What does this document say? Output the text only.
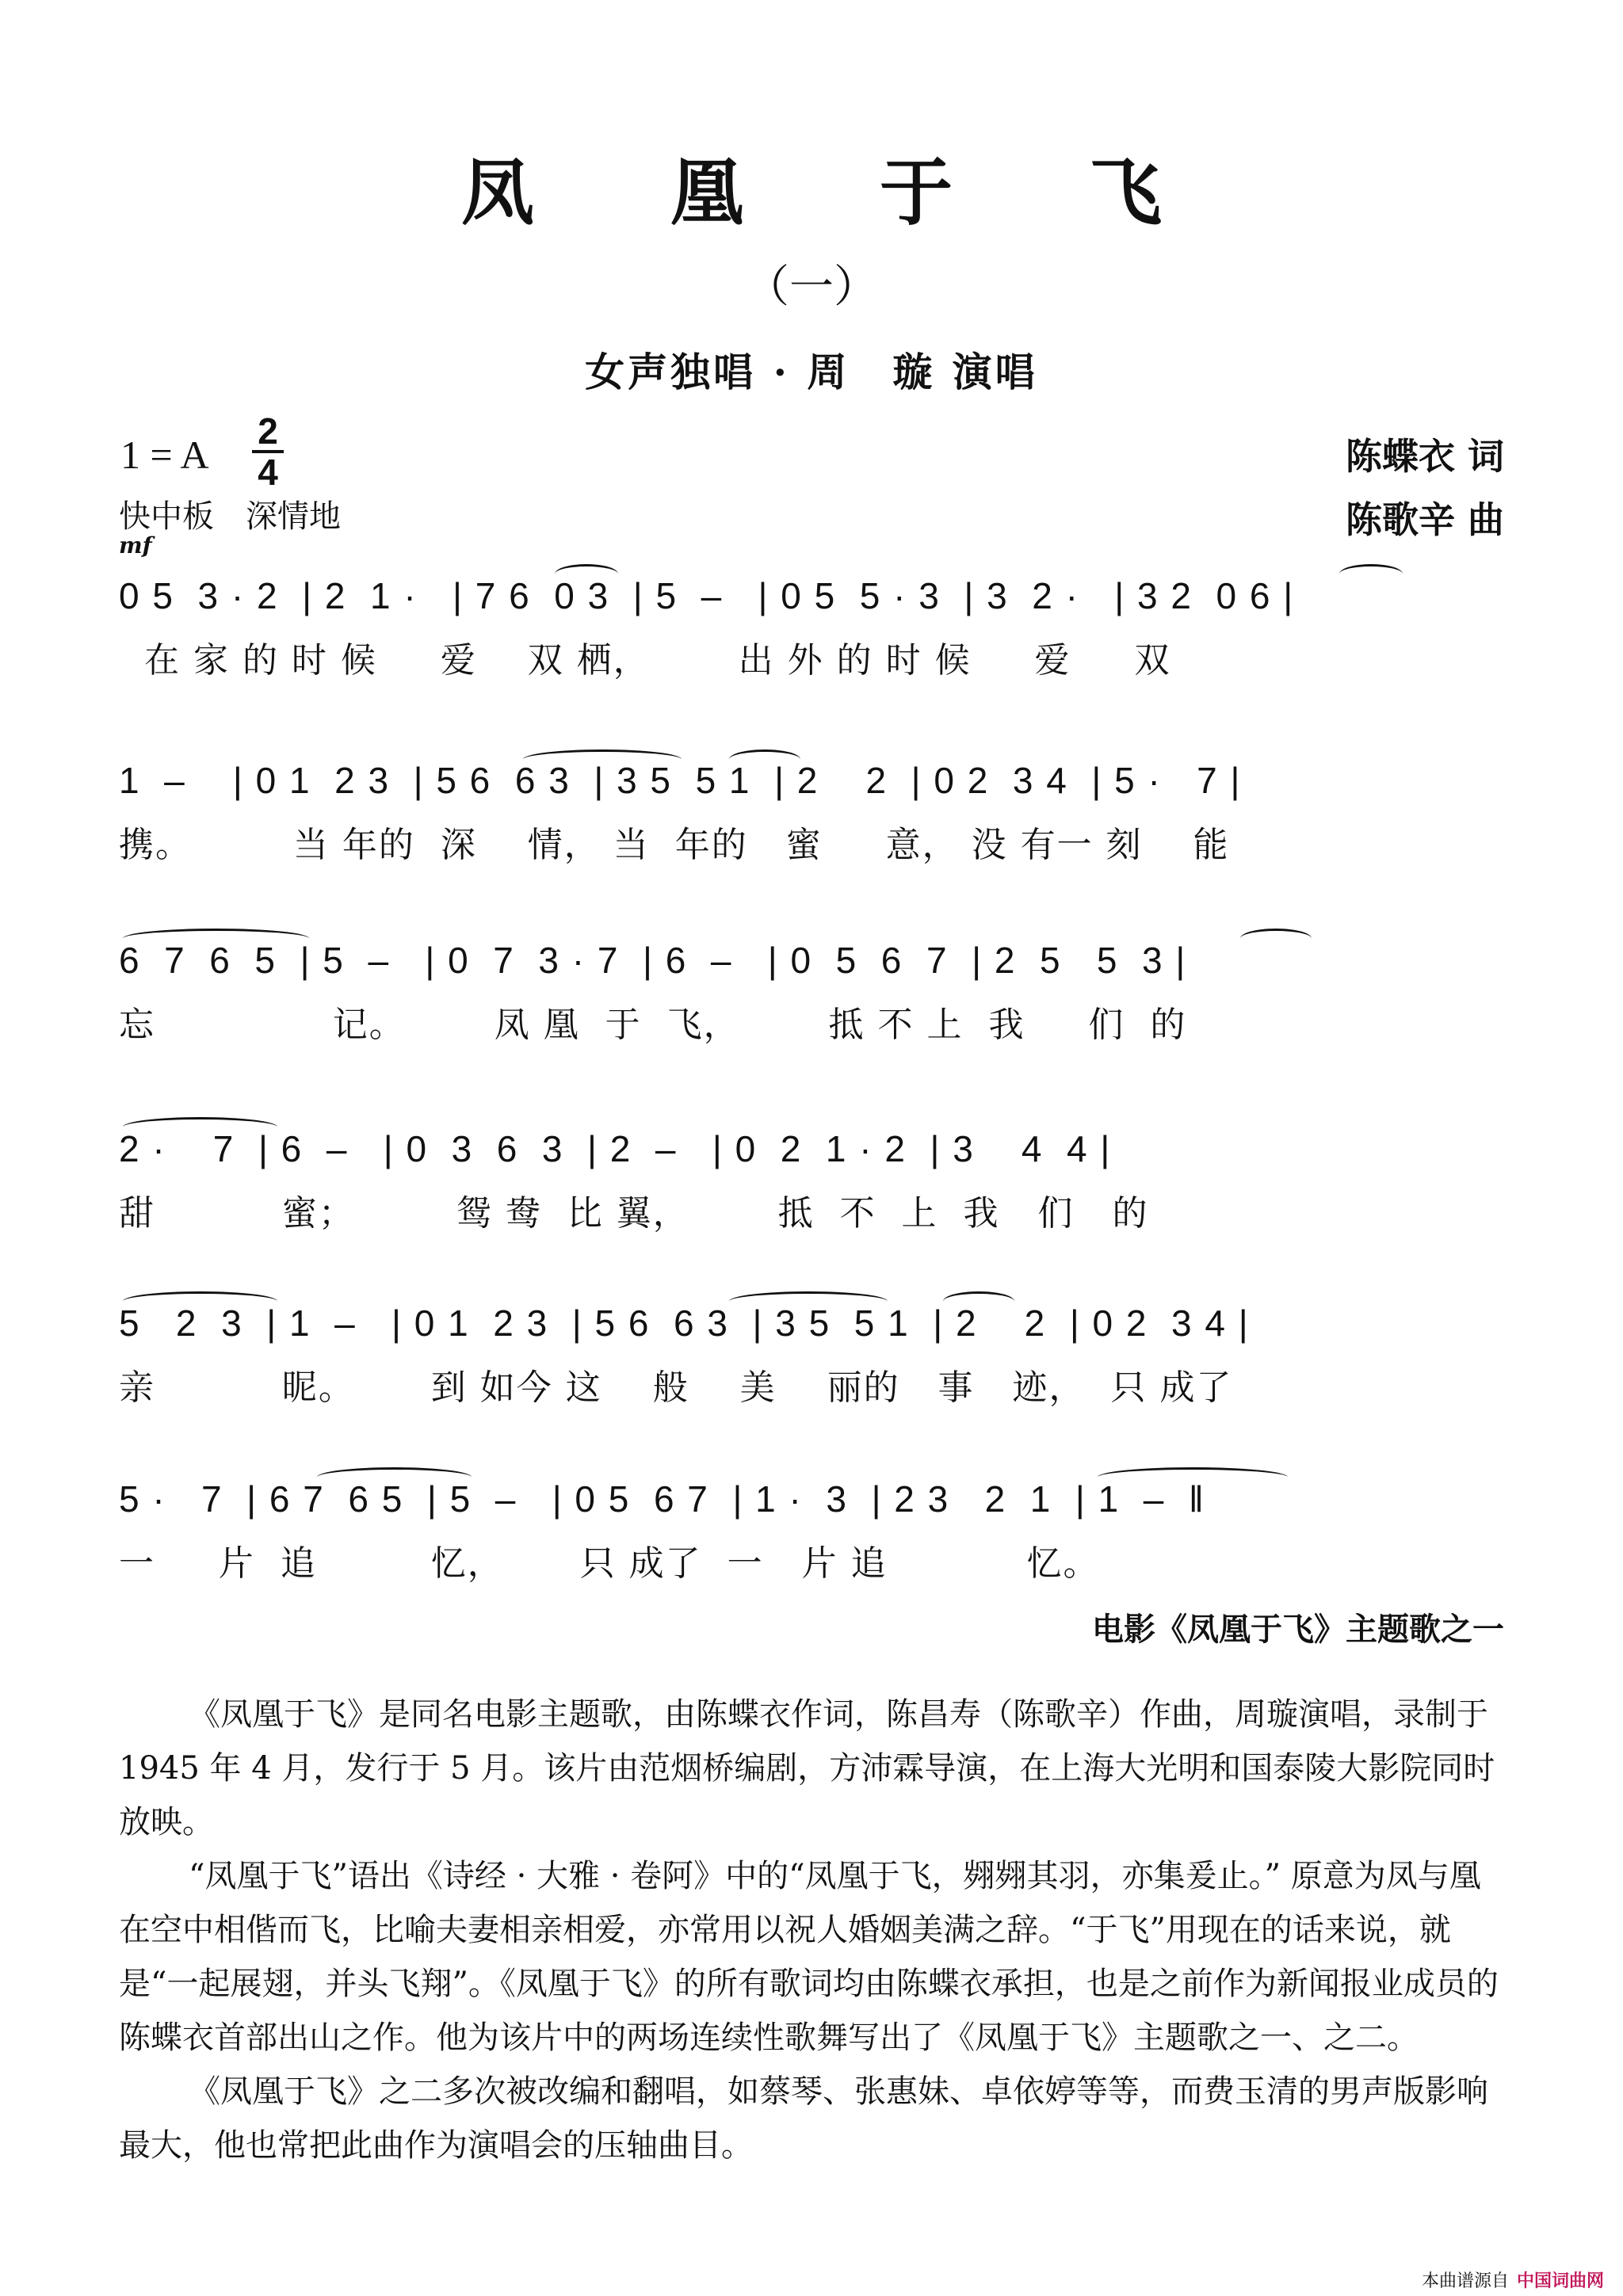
凤 凰 于 飞
（一）
女声独唱 · 周　璇 演唱
1 = A
2
4
快中板　深情地
mf
陈蝶衣 词
陈歌辛 曲
0 5  3 · 2  | 2  1 ·   | 7 6  0 3  | 5  –   | 0 5  5 · 3  | 3  2 ·   | 3 2  0 6 |
在 家 的 时 候     爱    双 栖，       出 外 的 时 候     爱     双
1  –    | 0 1  2 3  | 5 6  6 3  | 3 5  5 1  | 2    2  | 0 2  3 4  | 5 ·   7 |
携。        当 年的  深    情， 当  年的   蜜     意， 没 有一 刻    能
6  7  6  5  | 5  –   | 0  7  3 · 7  | 6  –   | 0  5  6  7  | 2  5   5  3 |
忘              记。       凤 凰  于  飞，       抵 不 上  我     们  的
2 ·    7  | 6  –   | 0  3  6  3  | 2  –   | 0  2  1 · 2  | 3    4  4 |
甜          蜜；        鸳 鸯  比 翼，       抵  不  上  我   们   的
5   2  3  | 1  –   | 0 1  2 3  | 5 6  6 3  | 3 5  5 1  | 2    2  | 0 2  3 4 |
亲          昵。      到 如今 这    般    美    丽的   事   迹，  只 成了
5 ·   7  | 6 7  6 5  | 5  –   | 0 5  6 7  | 1 ·  3  | 2 3   2  1  | 1  –  ‖
一     片  追         忆，      只 成了  一   片 追           忆。
电影《凤凰于飞》主题歌之一

《凤凰于飞》是同名电影主题歌，由陈蝶衣作词，陈昌寿（陈歌辛）作曲，周璇演唱，录制于1945 年 4 月，发行于 5 月。该片由范烟桥编剧，方沛霖导演，在上海大光明和国泰陵大影院同时放映。

“凤凰于飞”语出《诗经 · 大雅 · 卷阿》中的“凤凰于飞，翙翙其羽，亦集爰止。” 原意为凤与凰在空中相偕而飞，比喻夫妻相亲相爱，亦常用以祝人婚姻美满之辞。“于飞”用现在的话来说，就是“一起展翅，并头飞翔”。《凤凰于飞》的所有歌词均由陈蝶衣承担，也是之前作为新闻报业成员的陈蝶衣首部出山之作。他为该片中的两场连续性歌舞写出了《凤凰于飞》主题歌之一、之二。

《凤凰于飞》之二多次被改编和翻唱，如蔡琴、张惠妹、卓依婷等等，而费玉清的男声版影响最大，他也常把此曲作为演唱会的压轴曲目。

本曲谱源自 中国词曲网
